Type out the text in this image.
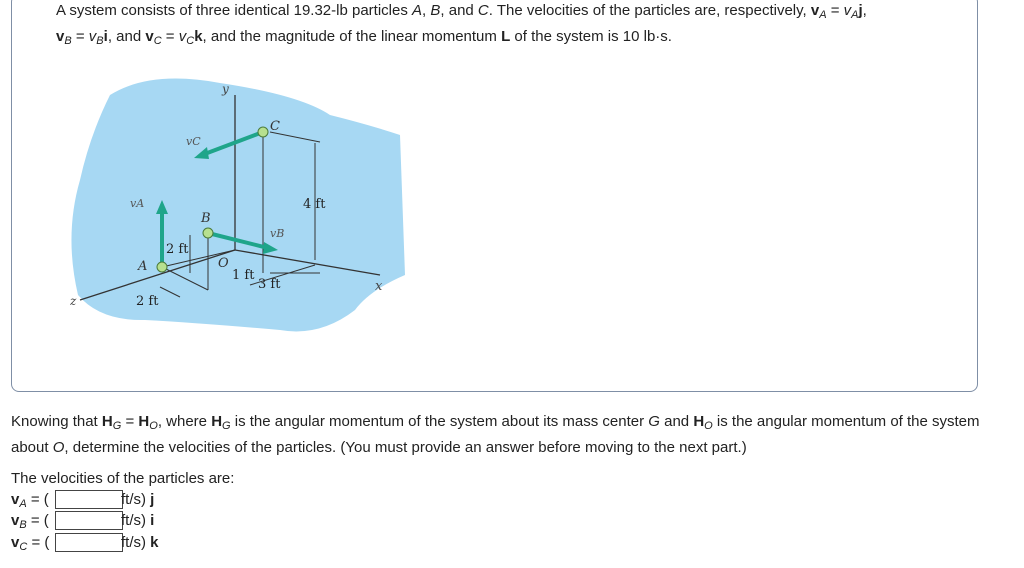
A system consists of three identical 19.32-lb particles A, B, and C. The velocities of the particles are, respectively, $v_A = v_Aj$,
$v_B = v_Bi$, and $v_C = v_Ck$, and the magnitude of the linear momentum L of the system is 10 lb·s.
y
x
z
O
A
B
C
vA
vB
vC
4 ft
2 ft
2 ft
1 ft
3 ft
Knowing that $H_G = H_O$, where $H_G$ is the angular momentum of the system about its mass center G and $H_O$ is the angular momentum of the system about O, determine the velocities of the particles. (You must provide an answer before moving to the next part.)
The velocities of the particles are:
$v_A$ = (	ft/s) j
$v_B$ = (	ft/s) i
$v_C$ = (	ft/s) k
